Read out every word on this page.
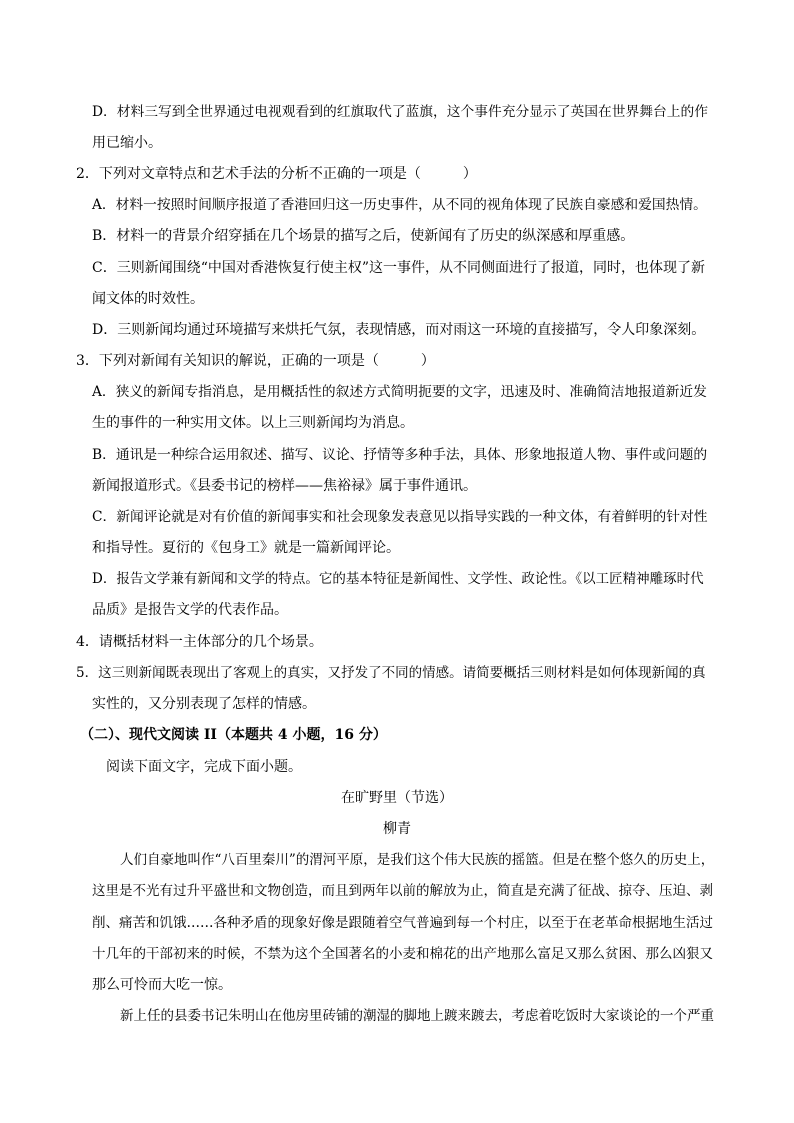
D．材料三写到全世界通过电视观看到的红旗取代了蓝旗，这个事件充分显示了英国在世界舞台上的作
用已缩小。
2．下列对文章特点和艺术手法的分析不正确的一项是（　　　）
A．材料一按照时间顺序报道了香港回归这一历史事件，从不同的视角体现了民族自豪感和爱国热情。
B．材料一的背景介绍穿插在几个场景的描写之后，使新闻有了历史的纵深感和厚重感。
C．三则新闻围绕“中国对香港恢复行使主权”这一事件，从不同侧面进行了报道，同时，也体现了新
闻文体的时效性。
D．三则新闻均通过环境描写来烘托气氛，表现情感，而对雨这一环境的直接描写，令人印象深刻。
3．下列对新闻有关知识的解说，正确的一项是（　　　）
A．狭义的新闻专指消息，是用概括性的叙述方式简明扼要的文字，迅速及时、准确简洁地报道新近发
生的事件的一种实用文体。以上三则新闻均为消息。
B．通讯是一种综合运用叙述、描写、议论、抒情等多种手法，具体、形象地报道人物、事件或问题的
新闻报道形式。《县委书记的榜样——焦裕禄》属于事件通讯。
C．新闻评论就是对有价值的新闻事实和社会现象发表意见以指导实践的一种文体，有着鲜明的针对性
和指导性。夏衍的《包身工》就是一篇新闻评论。
D．报告文学兼有新闻和文学的特点。它的基本特征是新闻性、文学性、政论性。《以工匠精神雕琢时代
品质》是报告文学的代表作品。
4．请概括材料一主体部分的几个场景。
5．这三则新闻既表现出了客观上的真实，又抒发了不同的情感。请简要概括三则材料是如何体现新闻的真
实性的，又分别表现了怎样的情感。
（二）、现代文阅读 II（本题共 4 小题，16 分）
阅读下面文字，完成下面小题。
在旷野里（节选）
柳青
人们自豪地叫作“八百里秦川”的渭河平原，是我们这个伟大民族的摇篮。但是在整个悠久的历史上，
这里是不光有过升平盛世和文物创造，而且到两年以前的解放为止，简直是充满了征战、掠夺、压迫、剥
削、痛苦和饥饿……各种矛盾的现象好像是跟随着空气普遍到每一个村庄，以至于在老革命根据地生活过
十几年的干部初来的时候，不禁为这个全国著名的小麦和棉花的出产地那么富足又那么贫困、那么凶狠又
那么可怜而大吃一惊。
新上任的县委书记朱明山在他房里砖铺的潮湿的脚地上踱来踱去，考虑着吃饭时大家谈论的一个严重
